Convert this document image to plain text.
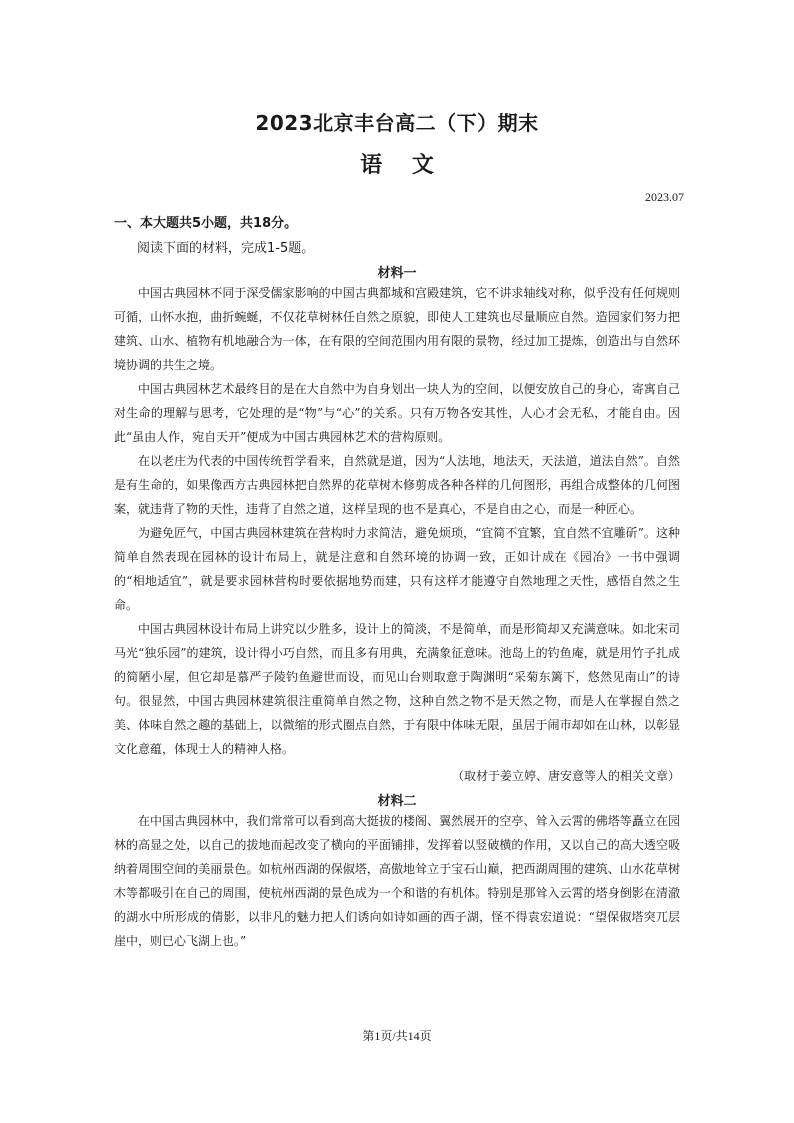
2023北京丰台高二（下）期末
语 文
2023.07
一、本大题共5小题，共18分。
阅读下面的材料，完成1-5题。
材料一

中国古典园林不同于深受儒家影响的中国古典都城和宫殿建筑，它不讲求轴线对称，似乎没有任何规则可循，山怀水抱，曲折蜿蜒，不仅花草树林任自然之原貌，即使人工建筑也尽量顺应自然。造园家们努力把建筑、山水、植物有机地融合为一体，在有限的空间范围内用有限的景物，经过加工提炼，创造出与自然环境协调的共生之境。

中国古典园林艺术最终目的是在大自然中为自身划出一块人为的空间，以便安放自己的身心，寄寓自己对生命的理解与思考，它处理的是“物”与“心”的关系。只有万物各安其性，人心才会无私，才能自由。因此“虽由人作，宛自天开”便成为中国古典园林艺术的营构原则。

在以老庄为代表的中国传统哲学看来，自然就是道，因为“人法地，地法天，天法道，道法自然”。自然是有生命的，如果像西方古典园林把自然界的花草树木修剪成各种各样的几何图形，再组合成整体的几何图案，就违背了物的天性，违背了自然之道，这样呈现的也不是真心，不是自由之心，而是一种匠心。

为避免匠气，中国古典园林建筑在营构时力求简洁，避免烦琐，“宜简不宜繁，宜自然不宜雕斫”。这种简单自然表现在园林的设计布局上，就是注意和自然环境的协调一致，正如计成在《园冶》一书中强调的“相地适宜”，就是要求园林营构时要依据地势而建，只有这样才能遵守自然地理之天性，感悟自然之生命。

中国古典园林设计布局上讲究以少胜多，设计上的简淡，不是简单，而是形简却又充满意味。如北宋司马光“独乐园”的建筑，设计得小巧自然，而且多有用典，充满象征意味。池岛上的钓鱼庵，就是用竹子扎成的简陋小屋，但它却是慕严子陵钓鱼避世而设，而见山台则取意于陶渊明“采菊东篱下，悠然见南山”的诗句。很显然，中国古典园林建筑很注重简单自然之物，这种自然之物不是天然之物，而是人在掌握自然之美、体味自然之趣的基础上，以微缩的形式圈点自然，于有限中体味无限，虽居于闹市却如在山林，以彰显文化意蕴，体现士人的精神人格。

（取材于姜立婷、唐安意等人的相关文章）
材料二

在中国古典园林中，我们常常可以看到高大挺拔的楼阁、翼然展开的空亭、耸入云霄的佛塔等矗立在园林的高显之处，以自己的拔地而起改变了横向的平面铺排，发挥着以竖破横的作用，又以自己的高大透空吸纳着周围空间的美丽景色。如杭州西湖的保俶塔，高傲地耸立于宝石山巅，把西湖周围的建筑、山水花草树木等都吸引在自己的周围，使杭州西湖的景色成为一个和谐的有机体。特别是那耸入云霄的塔身倒影在清澈的湖水中所形成的倩影，以非凡的魅力把人们诱向如诗如画的西子湖，怪不得袁宏道说：“望保俶塔突兀层崖中，则已心飞湖上也。”

第1页/共14页
